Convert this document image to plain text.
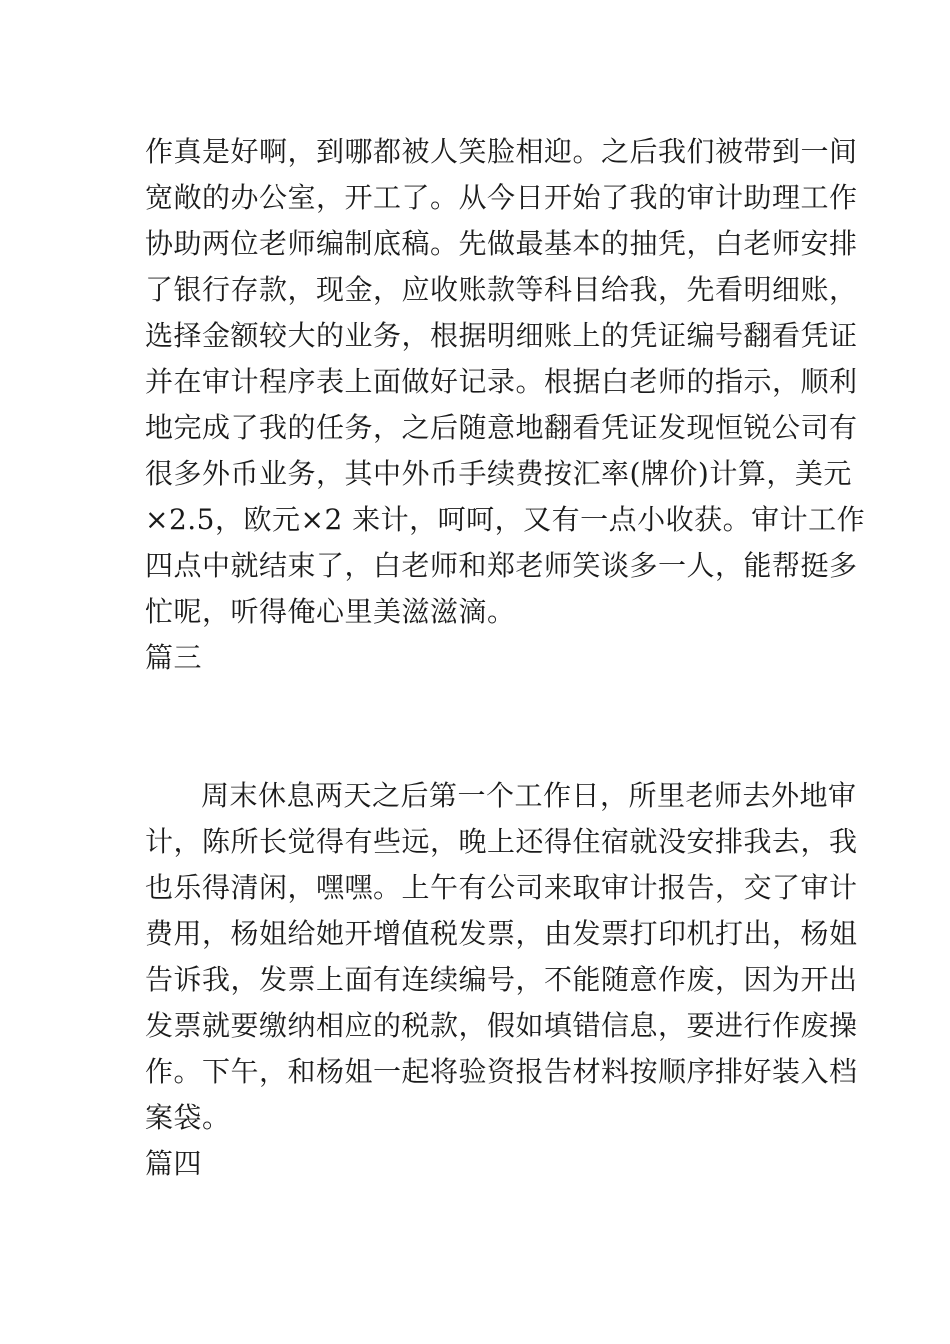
作真是好啊，到哪都被人笑脸相迎。之后我们被带到一间
宽敞的办公室，开工了。从今日开始了我的审计助理工作
协助两位老师编制底稿。先做最基本的抽凭，白老师安排
了银行存款，现金，应收账款等科目给我，先看明细账，
选择金额较大的业务，根据明细账上的凭证编号翻看凭证
并在审计程序表上面做好记录。根据白老师的指示，顺利
地完成了我的任务，之后随意地翻看凭证发现恒锐公司有
很多外币业务，其中外币手续费按汇率(牌价)计算，美元
×2.5，欧元×2 来计，呵呵，又有一点小收获。审计工作
四点中就结束了，白老师和郑老师笑谈多一人，能帮挺多
忙呢，听得俺心里美滋滋滴。
篇三
周末休息两天之后第一个工作日，所里老师去外地审
计，陈所长觉得有些远，晚上还得住宿就没安排我去，我
也乐得清闲，嘿嘿。上午有公司来取审计报告，交了审计
费用，杨姐给她开增值税发票，由发票打印机打出，杨姐
告诉我，发票上面有连续编号，不能随意作废，因为开出
发票就要缴纳相应的税款，假如填错信息，要进行作废操
作。下午，和杨姐一起将验资报告材料按顺序排好装入档
案袋。
篇四
